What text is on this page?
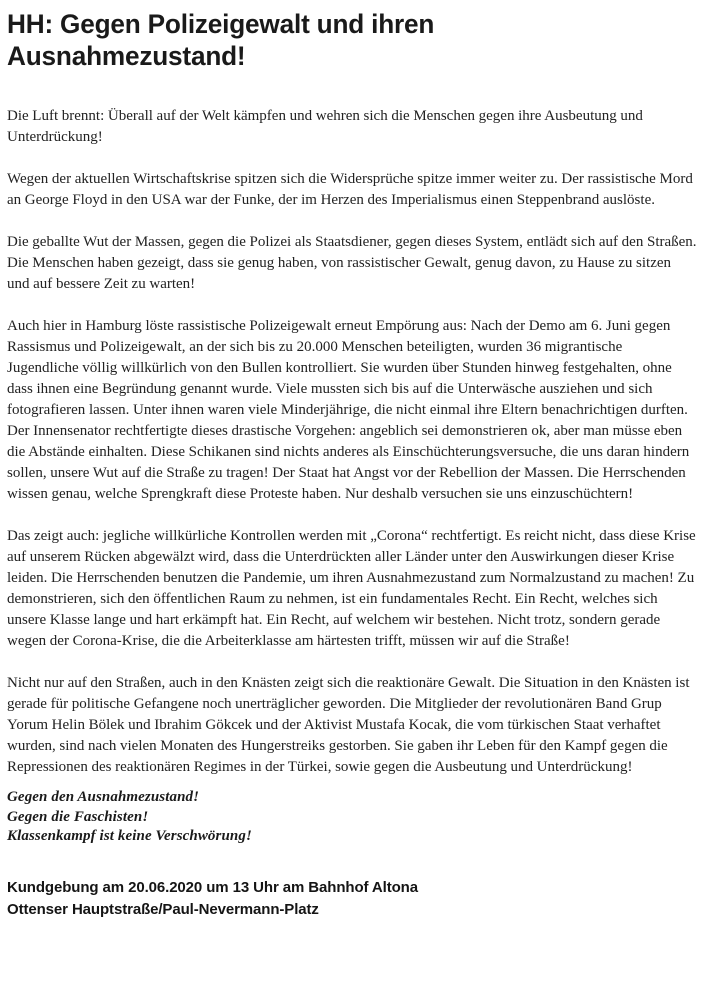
HH: Gegen Polizeigewalt und ihren Ausnahmezustand!

Die Luft brennt: Überall auf der Welt kämpfen und wehren sich die Menschen gegen ihre Ausbeutung und Unterdrückung!

Wegen der aktuellen Wirtschaftskrise spitzen sich die Widersprüche spitze immer weiter zu. Der rassistische Mord an George Floyd in den USA war der Funke, der im Herzen des Imperialismus einen Steppenbrand auslöste.

Die geballte Wut der Massen, gegen die Polizei als Staatsdiener, gegen dieses System, entlädt sich auf den Straßen. Die Menschen haben gezeigt, dass sie genug haben, von rassistischer Gewalt, genug davon, zu Hause zu sitzen und auf bessere Zeit zu warten!

Auch hier in Hamburg löste rassistische Polizeigewalt erneut Empörung aus: Nach der Demo am 6. Juni gegen Rassismus und Polizeigewalt, an der sich bis zu 20.000 Menschen beteiligten, wurden 36 migrantische Jugendliche völlig willkürlich von den Bullen kontrolliert. Sie wurden über Stunden hinweg festgehalten, ohne dass ihnen eine Begründung genannt wurde. Viele mussten sich bis auf die Unterwäsche ausziehen und sich fotografieren lassen. Unter ihnen waren viele Minderjährige, die nicht einmal ihre Eltern benachrichtigen durften. Der Innensenator rechtfertigte dieses drastische Vorgehen: angeblich sei demonstrieren ok, aber man müsse eben die Abstände einhalten. Diese Schikanen sind nichts anderes als Einschüchterungsversuche, die uns daran hindern sollen, unsere Wut auf die Straße zu tragen! Der Staat hat Angst vor der Rebellion der Massen. Die Herrschenden wissen genau, welche Sprengkraft diese Proteste haben. Nur deshalb versuchen sie uns einzuschüchtern!

Das zeigt auch: jegliche willkürliche Kontrollen werden mit „Corona“ rechtfertigt. Es reicht nicht, dass diese Krise auf unserem Rücken abgewälzt wird, dass die Unterdrückten aller Länder unter den Auswirkungen dieser Krise leiden. Die Herrschenden benutzen die Pandemie, um ihren Ausnahmezustand zum Normalzustand zu machen! Zu demonstrieren, sich den öffentlichen Raum zu nehmen, ist ein fundamentales Recht. Ein Recht, welches sich unsere Klasse lange und hart erkämpft hat. Ein Recht, auf welchem wir bestehen. Nicht trotz, sondern gerade wegen der Corona-Krise, die die Arbeiterklasse am härtesten trifft, müssen wir auf die Straße!

Nicht nur auf den Straßen, auch in den Knästen zeigt sich die reaktionäre Gewalt. Die Situation in den Knästen ist gerade für politische Gefangene noch unerträglicher geworden. Die Mitglieder der revolutionären Band Grup Yorum Helin Bölek und Ibrahim Gökcek und der Aktivist Mustafa Kocak, die vom türkischen Staat verhaftet wurden, sind nach vielen Monaten des Hungerstreiks gestorben. Sie gaben ihr Leben für den Kampf gegen die Repressionen des reaktionären Regimes in der Türkei, sowie gegen die Ausbeutung und Unterdrückung!

Gegen den Ausnahmezustand!

Gegen die Faschisten!

Klassenkampf ist keine Verschwörung!

Kundgebung am 20.06.2020 um 13 Uhr am Bahnhof Altona

Ottenser Hauptstraße/Paul-Nevermann-Platz
